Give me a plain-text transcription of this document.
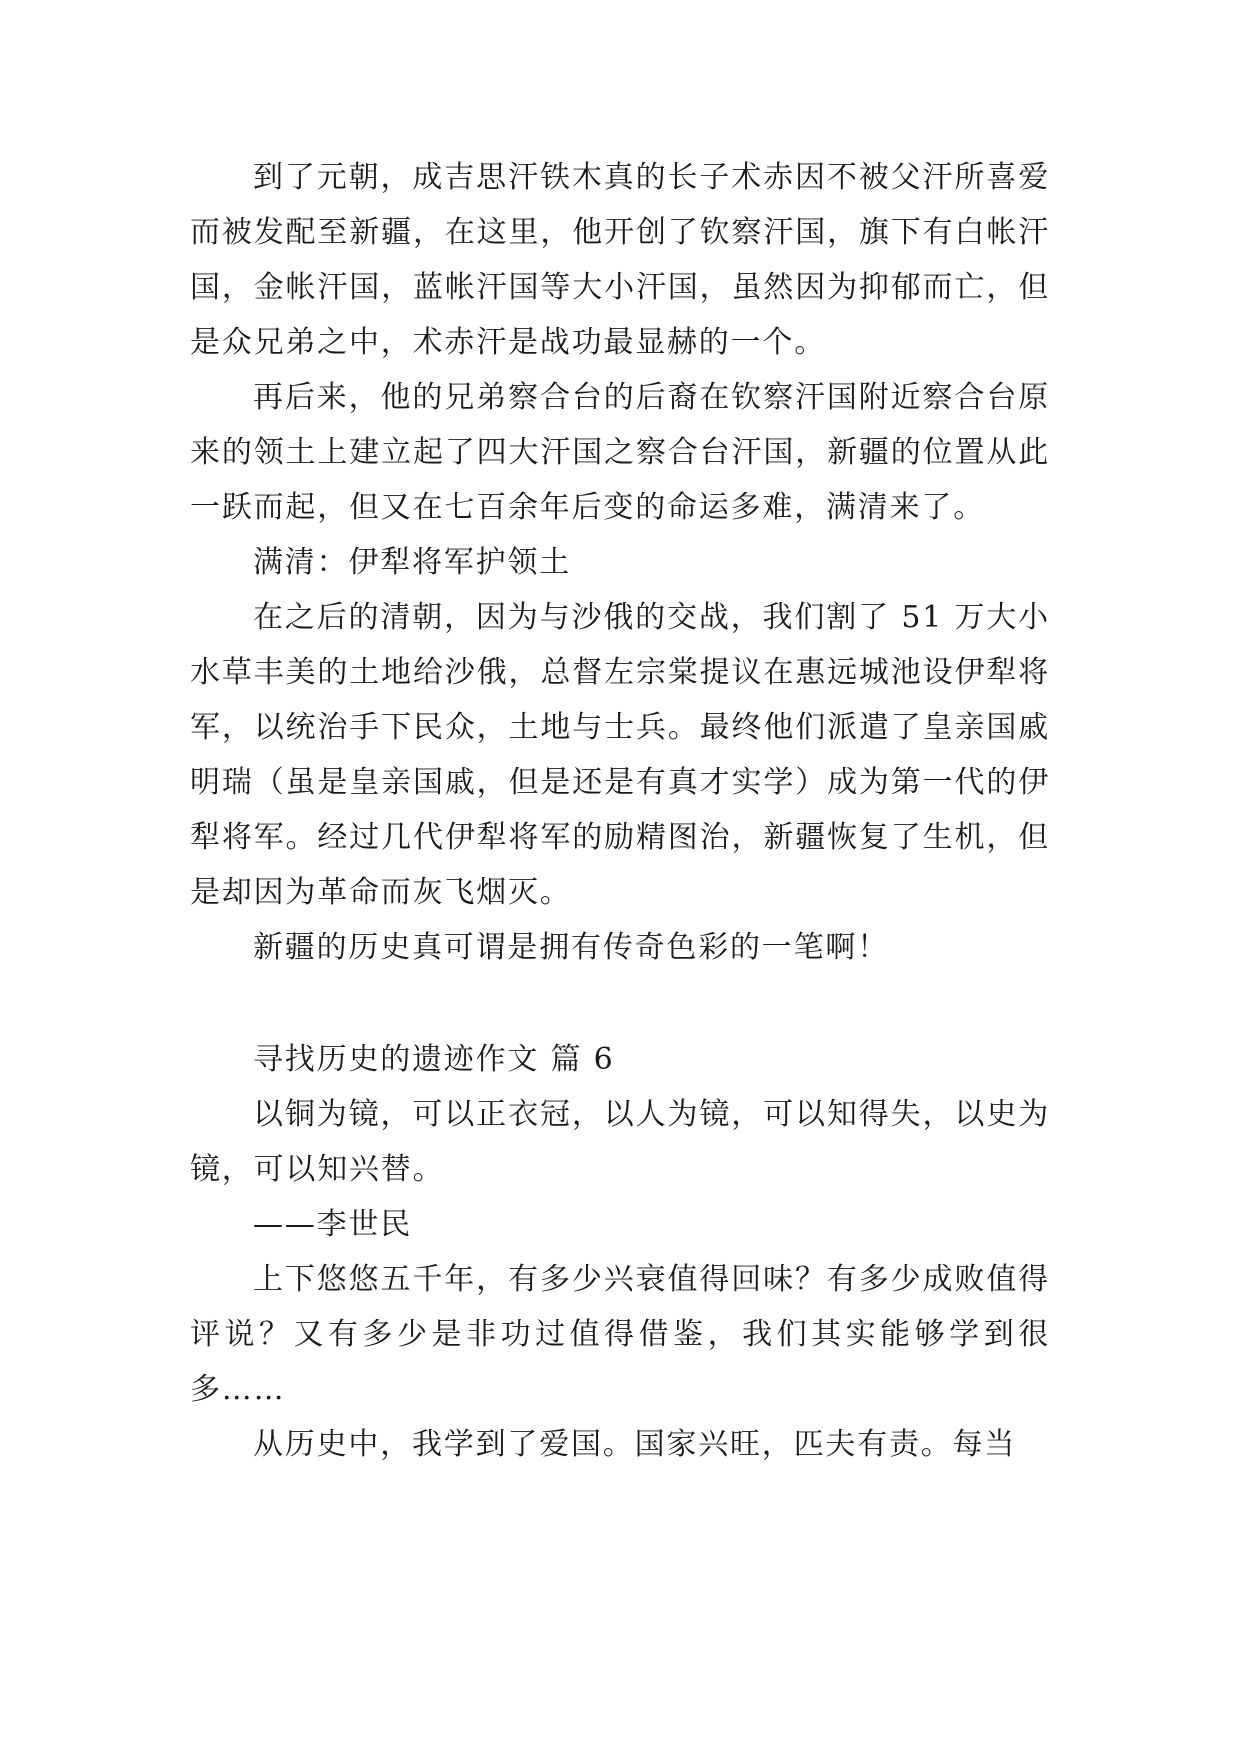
到了元朝，成吉思汗铁木真的长子术赤因不被父汗所喜爱而被发配至新疆，在这里，他开创了钦察汗国，旗下有白帐汗国，金帐汗国，蓝帐汗国等大小汗国，虽然因为抑郁而亡，但是众兄弟之中，术赤汗是战功最显赫的一个。

再后来，他的兄弟察合台的后裔在钦察汗国附近察合台原来的领土上建立起了四大汗国之察合台汗国，新疆的位置从此一跃而起，但又在七百余年后变的命运多难，满清来了。

满清：伊犁将军护领土

在之后的清朝，因为与沙俄的交战，我们割了 51 万大小水草丰美的土地给沙俄，总督左宗棠提议在惠远城池设伊犁将军，以统治手下民众，土地与士兵。最终他们派遣了皇亲国戚明瑞（虽是皇亲国戚，但是还是有真才实学）成为第一代的伊犁将军。经过几代伊犁将军的励精图治，新疆恢复了生机，但是却因为革命而灰飞烟灭。

新疆的历史真可谓是拥有传奇色彩的一笔啊！

寻找历史的遗迹作文 篇 6

以铜为镜，可以正衣冠，以人为镜，可以知得失，以史为镜，可以知兴替。

——李世民

上下悠悠五千年，有多少兴衰值得回味？有多少成败值得评说？又有多少是非功过值得借鉴，我们其实能够学到很多……

从历史中，我学到了爱国。国家兴旺，匹夫有责。每当
